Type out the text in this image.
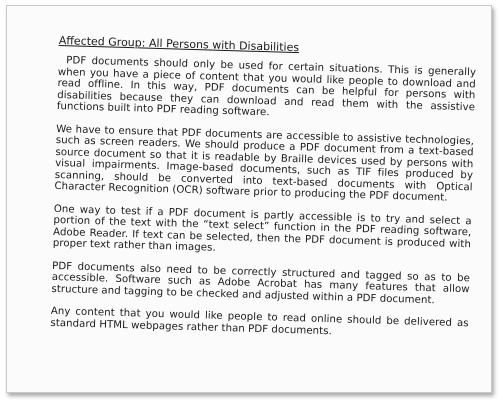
Affected Group: All Persons with Disabilities

PDF documents should only be used for certain situations. This is generally when you have a piece of content that you would like people to download and read offline. In this way, PDF documents can be helpful for persons with disabilities because they can download and read them with the assistive functions built into PDF reading software.

We have to ensure that PDF documents are accessible to assistive technologies, such as screen readers. We should produce a PDF document from a text-based source document so that it is readable by Braille devices used by persons with visual impairments. Image-based documents, such as TIF files produced by scanning, should be converted into text-based documents with Optical Character Recognition (OCR) software prior to producing the PDF document.

One way to test if a PDF document is partly accessible is to try and select a portion of the text with the “text select” function in the PDF reading software, Adobe Reader. If text can be selected, then the PDF document is produced with proper text rather than images.

PDF documents also need to be correctly structured and tagged so as to be accessible. Software such as Adobe Acrobat has many features that allow structure and tagging to be checked and adjusted within a PDF document.

Any content that you would like people to read online should be delivered as standard HTML webpages rather than PDF documents.
